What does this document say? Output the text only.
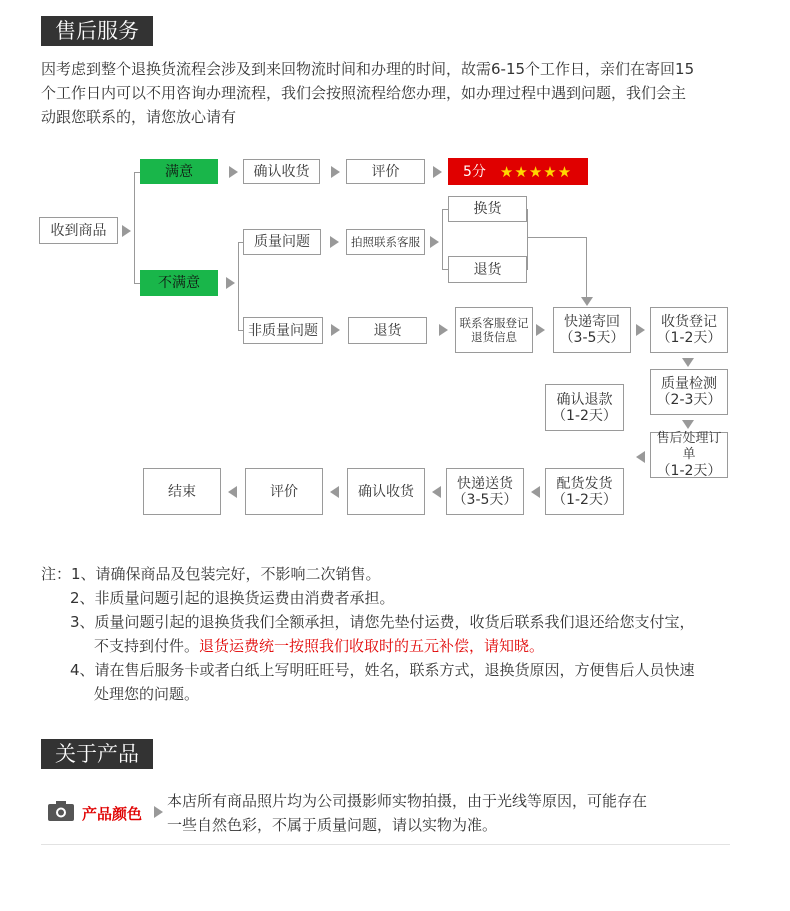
售后服务
因考虑到整个退换货流程会涉及到来回物流时间和办理的时间，故需6-15个工作日，亲们在寄回15
个工作日内可以不用咨询办理流程，我们会按照流程给您办理，如办理过程中遇到问题，我们会主
动跟您联系的，请您放心请有
收到商品
满意	确认收货	评价	5分 ★★★★★
不满意
质量问题	拍照联系客服
换货
退货
非质量问题	退货	联系客服登记
退货信息
快递寄回
（3-5天）
收货登记
（1-2天）
质量检测
（2-3天）
确认退款
（1-2天）
售后处理订单
（1-2天）
配货发货
（1-2天）
快递送货
（3-5天）
确认收货
评价
结束
注：1、请确保商品及包装完好，不影响二次销售。
2、非质量问题引起的退换货运费由消费者承担。
3、质量问题引起的退换货我们全额承担，请您先垫付运费，收货后联系我们退还给您支付宝，
不支持到付件。退货运费统一按照我们收取时的五元补偿，请知晓。
4、请在售后服务卡或者白纸上写明旺旺号，姓名，联系方式，退换货原因，方便售后人员快速
处理您的问题。
关于产品
产品颜色
本店所有商品照片均为公司摄影师实物拍摄，由于光线等原因，可能存在
一些自然色彩，不属于质量问题，请以实物为准。
